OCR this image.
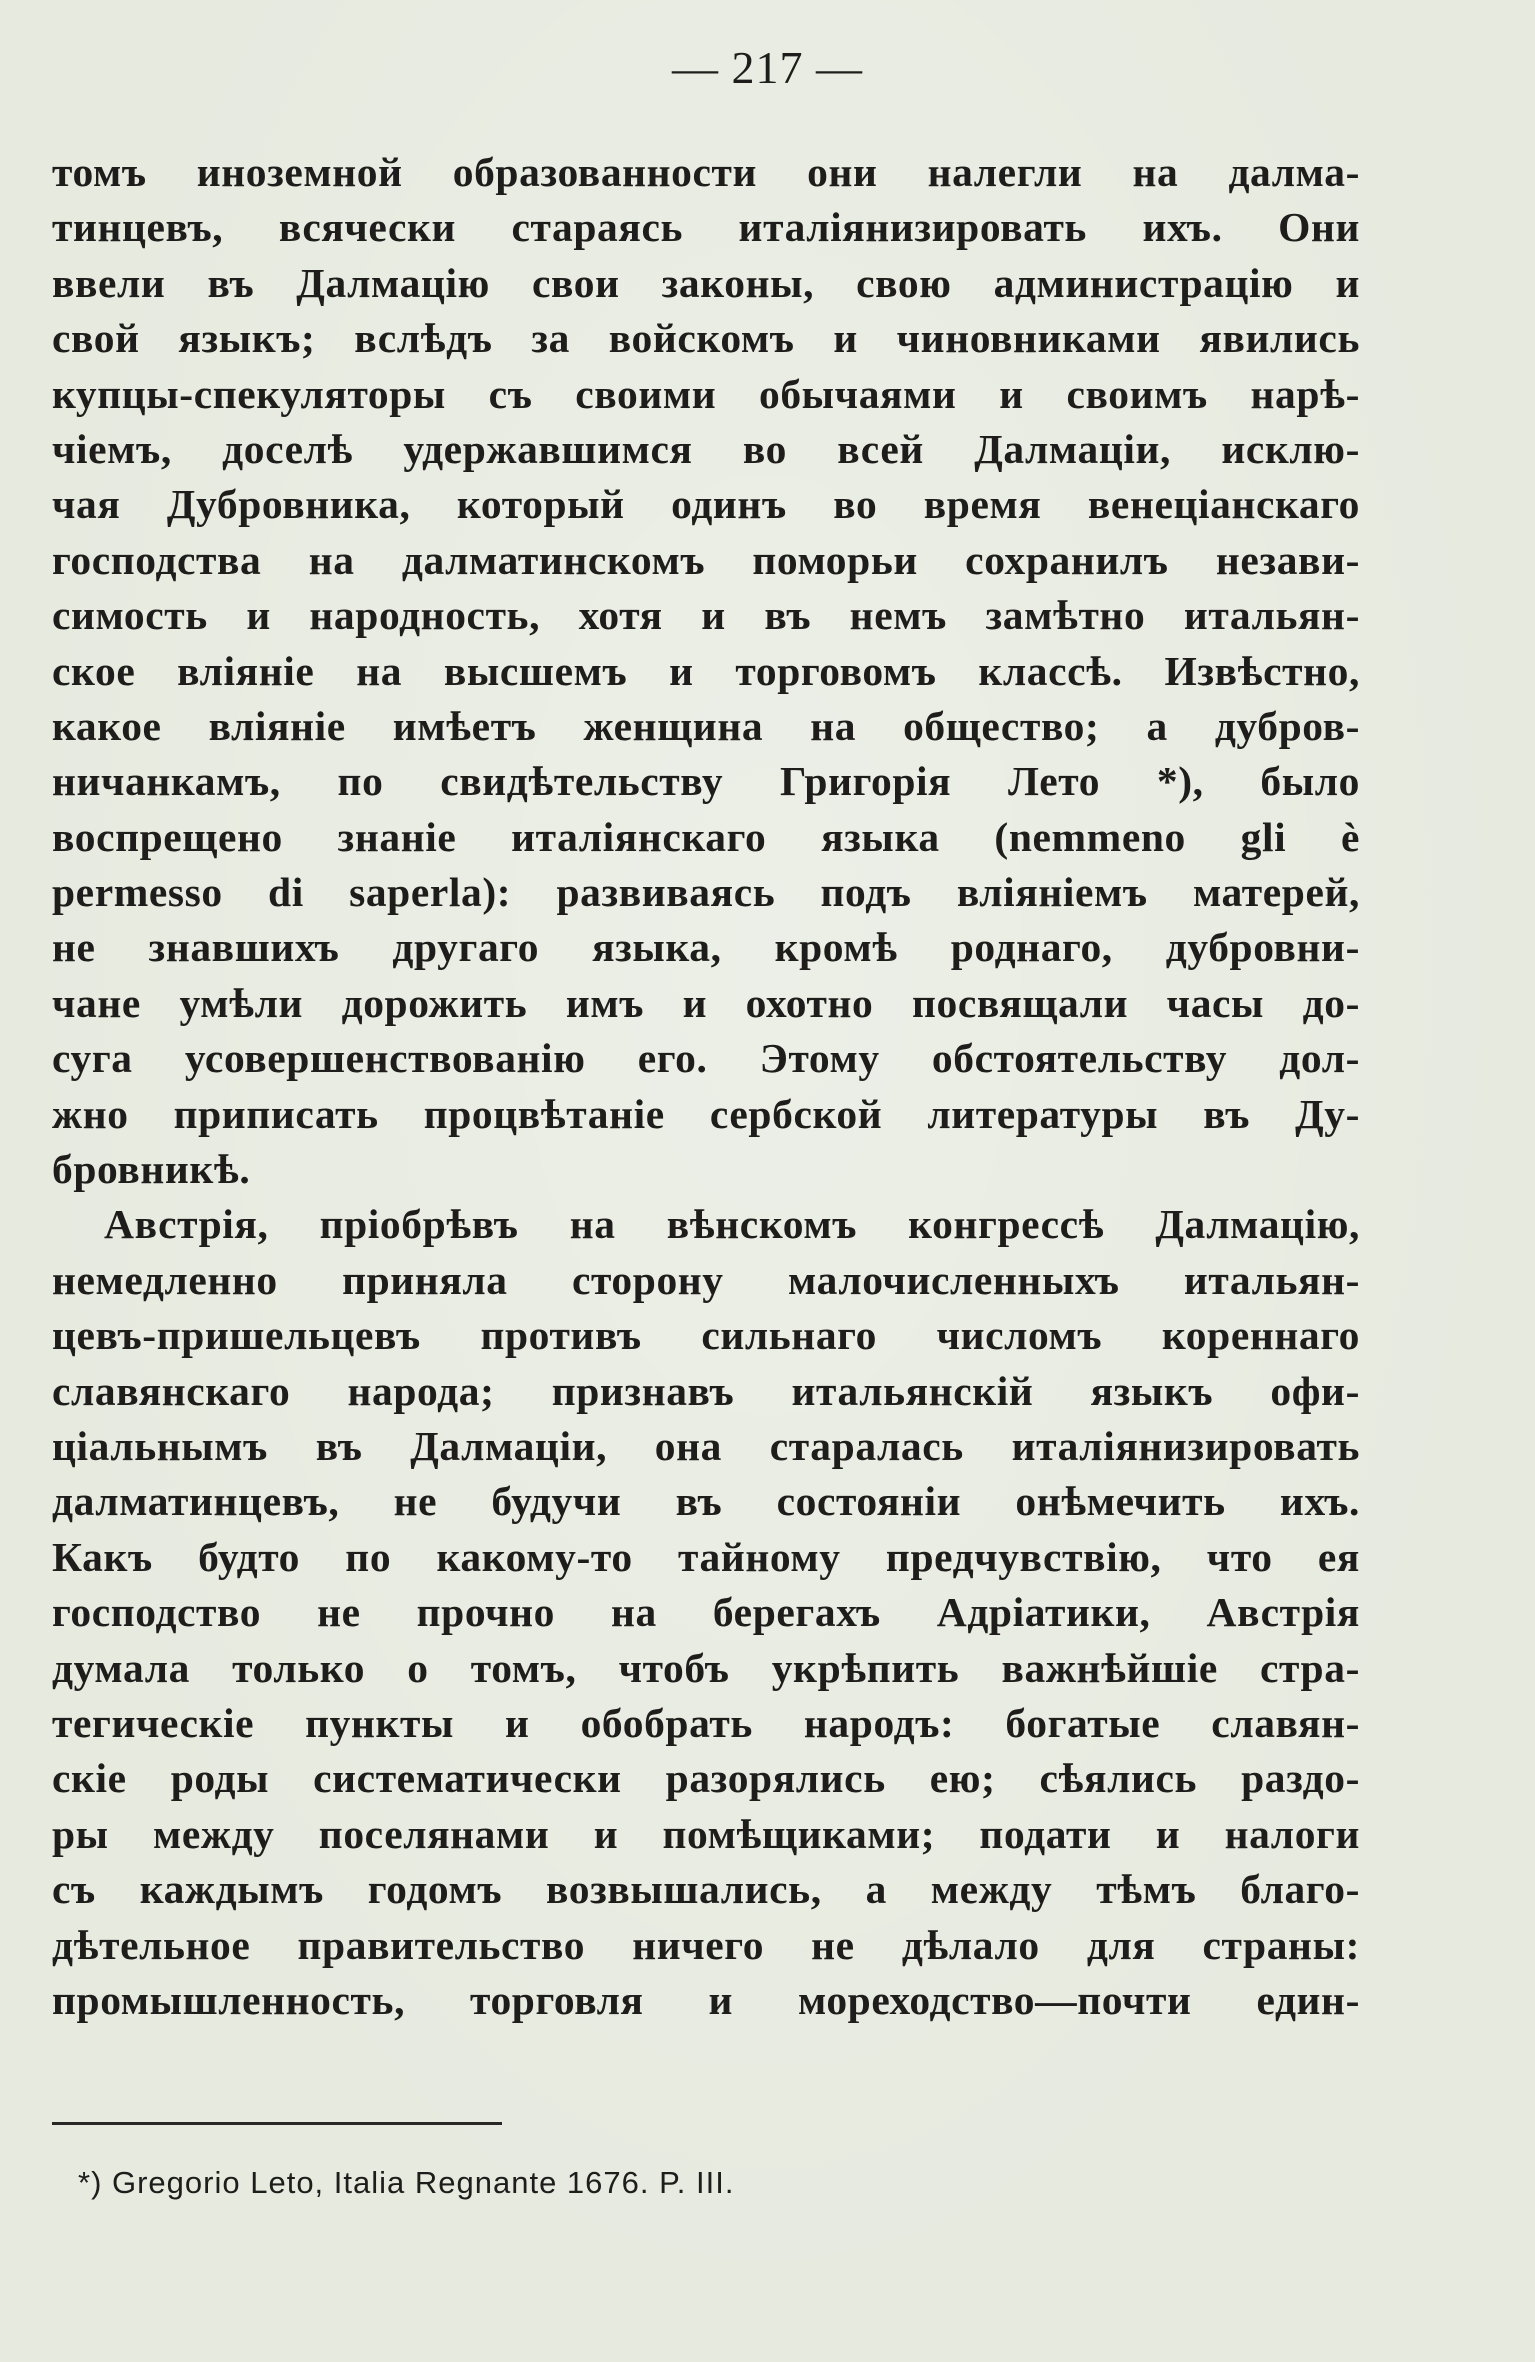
— 217 —
томъ иноземной образованности они налегли на далма-
тинцевъ, всячески стараясь италіянизировать ихъ. Они
ввели въ Далмацію свои законы, свою администрацію и
свой языкъ; вслѣдъ за войскомъ и чиновниками явились
купцы-спекуляторы съ своими обычаями и своимъ нарѣ-
чіемъ, доселѣ удержавшимся во всей Далмаціи, исклю-
чая Дубровника, который одинъ во время венеціанскаго
господства на далматинскомъ поморьи сохранилъ незави-
симость и народность, хотя и въ немъ замѣтно итальян-
ское вліяніе на высшемъ и торговомъ классѣ. Извѣстно,
какое вліяніе имѣетъ женщина на общество; а дубров-
ничанкамъ, по свидѣтельству Григорія Лето *), было
воспрещено знаніе италіянскаго языка (nemmeno gli è
permesso di saperla): развиваясь подъ вліяніемъ матерей,
не знавшихъ другаго языка, кромѣ роднаго, дубровни-
чане умѣли дорожить имъ и охотно посвящали часы до-
суга усовершенствованію его. Этому обстоятельству дол-
жно приписать процвѣтаніе сербской литературы въ Ду-
бровникѣ.
Австрія, пріобрѣвъ на вѣнскомъ конгрессѣ Далмацію,
немедленно приняла сторону малочисленныхъ итальян-
цевъ-пришельцевъ противъ сильнаго числомъ кореннаго
славянскаго народа; признавъ итальянскій языкъ офи-
ціальнымъ въ Далмаціи, она старалась италіянизировать
далматинцевъ, не будучи въ состояніи онѣмечить ихъ.
Какъ будто по какому-то тайному предчувствію, что ея
господство не прочно на берегахъ Адріатики, Австрія
думала только о томъ, чтобъ укрѣпить важнѣйшіе стра-
тегическіе пункты и обобрать народъ: богатые славян-
скіе роды систематически разорялись ею; сѣялись раздо-
ры между поселянами и помѣщиками; подати и налоги
съ каждымъ годомъ возвышались, а между тѣмъ благо-
дѣтельное правительство ничего не дѣлало для страны:
промышленность, торговля и мореходство—почти един-
*) Gregorio Leto, Italia Regnante 1676. P. III.
